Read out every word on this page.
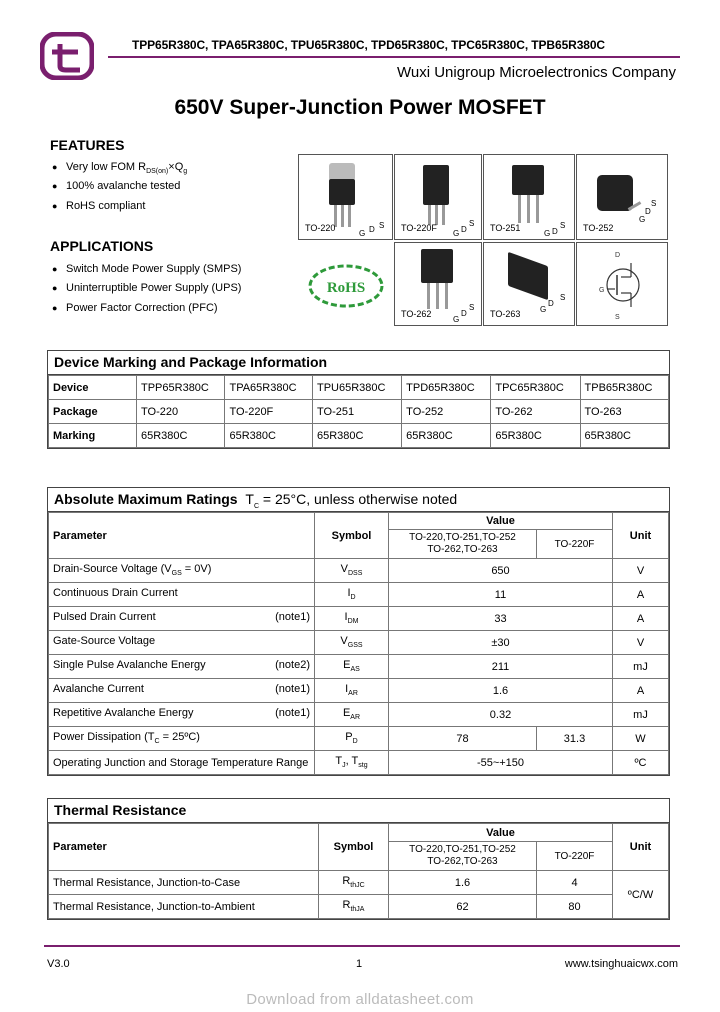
TPP65R380C, TPA65R380C, TPU65R380C, TPD65R380C, TPC65R380C, TPB65R380C
Wuxi Unigroup Microelectronics Company
650V Super-Junction Power MOSFET
FEATURES
● Very low FOM $R_{DS(on)}\times Q_g$
● 100% avalanche tested
● RoHS compliant
APPLICATIONS
● Switch Mode Power Supply (SMPS)
● Uninterruptible Power Supply (UPS)
● Power Factor Correction (PFC)
TO-220
G D S TO-220F
G D
S TO-251
G D
S TO-252
G
D
S
TO-262
G
D
S
TO-263 G
D
S
D
S
G
RoHS
Device Marking and Package Information
Device	TPP65R380C	TPA65R380C	TPU65R380C	TPD65R380C	TPC65R380C	TPB65R380C
Package	TO-220	TO-220F	TO-251	TO-252	TO-262	TO-263
Marking	65R380C	65R380C	65R380C	65R380C	65R380C	65R380C
Absolute Maximum Ratings $T_C = 25^\circ C$, unless otherwise noted
Parameter	Symbol	Value		Unit
		TO-220,TO-251,TO-252
TO-262,TO-263	TO-220F	

Drain-Source Voltage $(V_{GS} = 0V)$	$V_{DSS}$	650		V

Continuous Drain Current	$I_D$	11		A

Pulsed Drain Current (note1)	$I_{DM}$	33		A

Gate-Source Voltage	$V_{GSS}$	±30		V

Single Pulse Avalanche Energy (note2)	$E_{AS}$	211		mJ

Avalanche Current (note1)	$I_{AR}$	1.6		A

Repetitive Avalanche Energy (note1)	$E_{AR}$	0.32		mJ
Power Dissipation ($T_C$ = 25ºC)	$P_D$	78	31.3	W
Operating Junction and Storage Temperature Range	$T_J$, $T_{stg}$	-55~+150		ºC
Thermal Resistance
Parameter	Symbol	Value		Unit
		TO-220,TO-251,TO-252
TO-262,TO-263	TO-220F	
Thermal Resistance, Junction-to-Case	$R_{thJC}$	1.6	4	ºC/W
Thermal Resistance, Junction-to-Ambient	$R_{thJA}$	62	80	
V3.0	1	www.tsinghuaicwx.com
Download from alldatasheet.com
